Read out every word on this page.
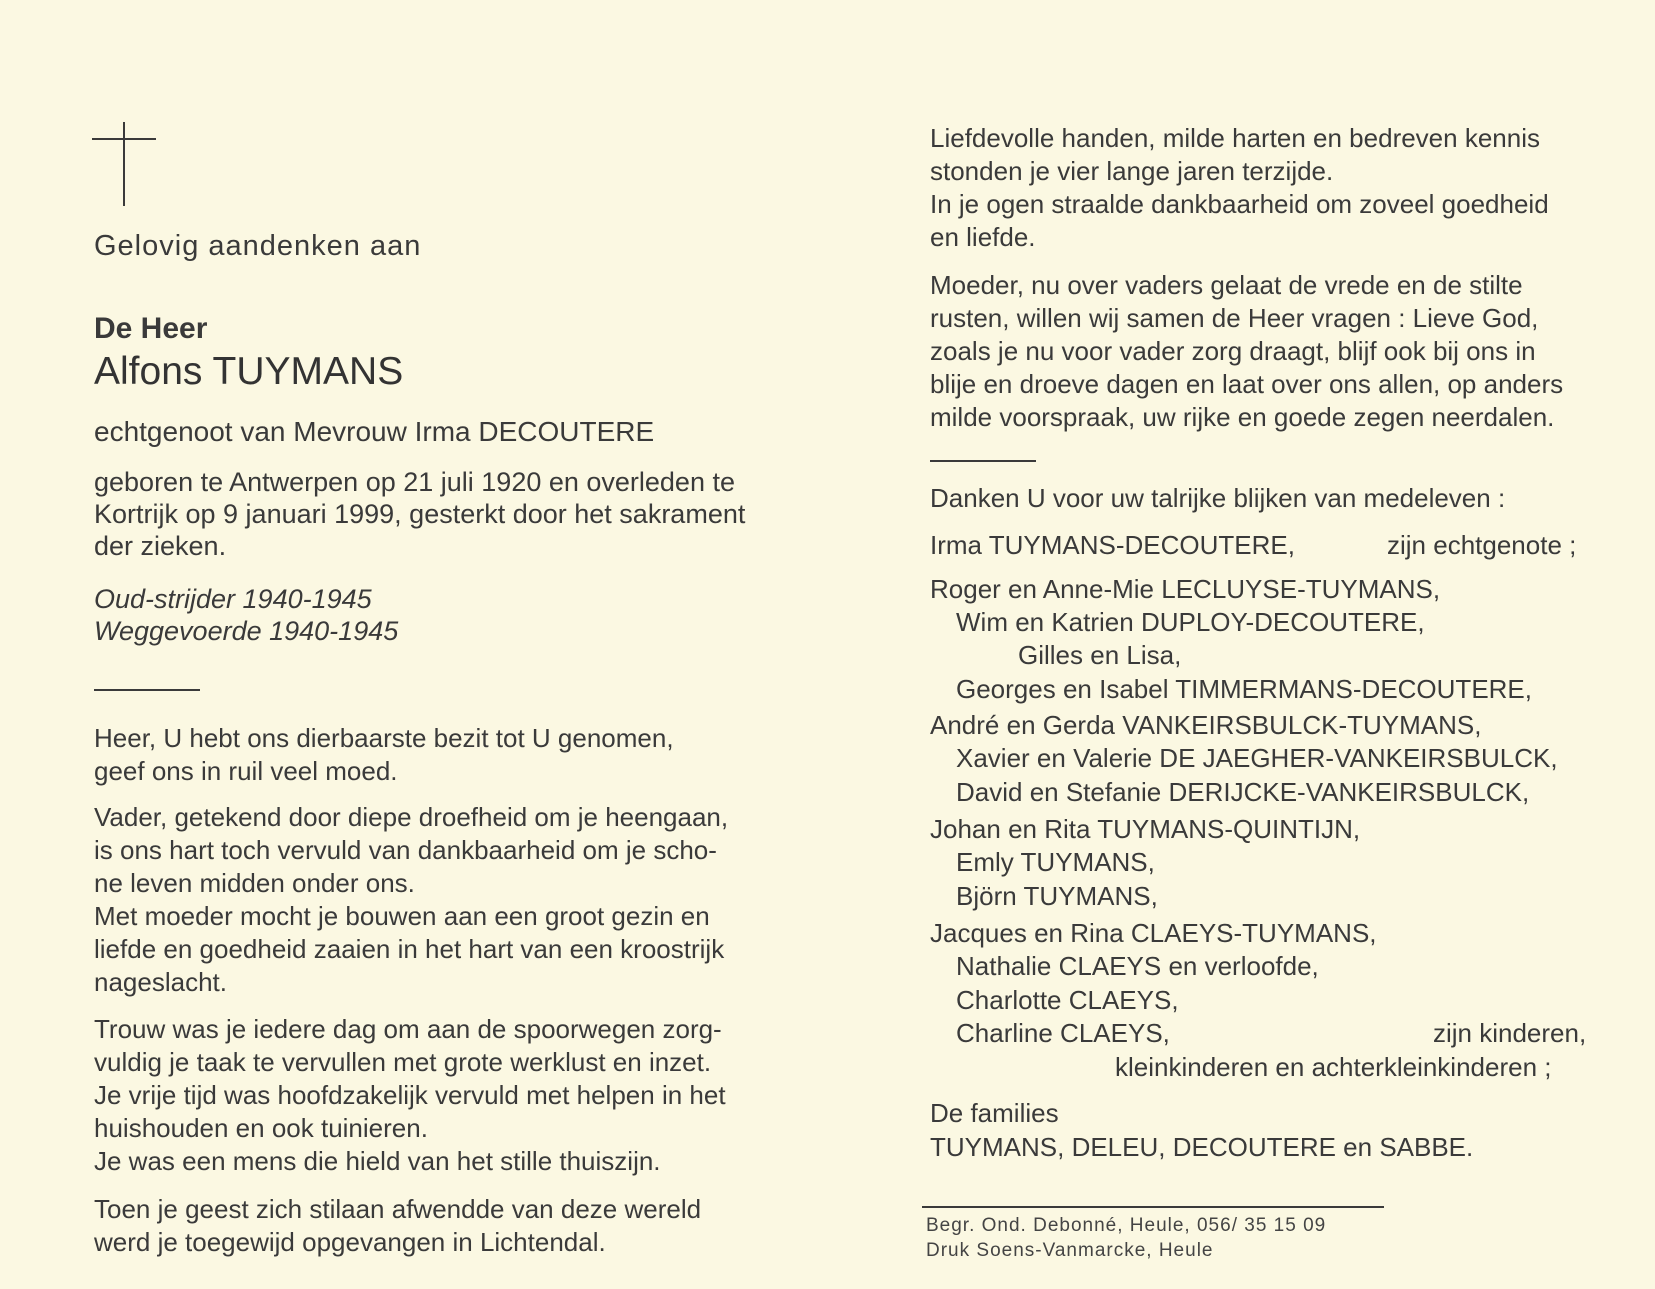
Gelovig aandenken aan
De Heer
Alfons TUYMANS
echtgenoot van Mevrouw Irma DECOUTERE
geboren te Antwerpen op 21 juli 1920 en overleden te
Kortrijk op 9 januari 1999, gesterkt door het sakrament
der zieken.
Oud-strijder 1940-1945
Weggevoerde 1940-1945
Heer, U hebt ons dierbaarste bezit tot U genomen,
geef ons in ruil veel moed.
Vader, getekend door diepe droefheid om je heengaan,
is ons hart toch vervuld van dankbaarheid om je scho-
ne leven midden onder ons.
Met moeder mocht je bouwen aan een groot gezin en
liefde en goedheid zaaien in het hart van een kroostrijk
nageslacht.
Trouw was je iedere dag om aan de spoorwegen zorg-
vuldig je taak te vervullen met grote werklust en inzet.
Je vrije tijd was hoofdzakelijk vervuld met helpen in het
huishouden en ook tuinieren.
Je was een mens die hield van het stille thuiszijn.
Toen je geest zich stilaan afwendde van deze wereld
werd je toegewijd opgevangen in Lichtendal.
Liefdevolle handen, milde harten en bedreven kennis
stonden je vier lange jaren terzijde.
In je ogen straalde dankbaarheid om zoveel goedheid
en liefde.
Moeder, nu over vaders gelaat de vrede en de stilte
rusten, willen wij samen de Heer vragen : Lieve God,
zoals je nu voor vader zorg draagt, blijf ook bij ons in
blije en droeve dagen en laat over ons allen, op anders
milde voorspraak, uw rijke en goede zegen neerdalen.
Danken U voor uw talrijke blijken van medeleven :
Irma TUYMANS-DECOUTERE,	zijn echtgenote ;
Roger en Anne-Mie LECLUYSE-TUYMANS,
Wim en Katrien DUPLOY-DECOUTERE,
Gilles en Lisa,
Georges en Isabel TIMMERMANS-DECOUTERE,
André en Gerda VANKEIRSBULCK-TUYMANS,
Xavier en Valerie DE JAEGHER-VANKEIRSBULCK,
David en Stefanie DERIJCKE-VANKEIRSBULCK,
Johan en Rita TUYMANS-QUINTIJN,
Emly TUYMANS,
Björn TUYMANS,
Jacques en Rina CLAEYS-TUYMANS,
Nathalie CLAEYS en verloofde,
Charlotte CLAEYS,
Charline CLAEYS,	zijn kinderen,
kleinkinderen en achterkleinkinderen ;
De families
TUYMANS, DELEU, DECOUTERE en SABBE.
Begr. Ond. Debonné, Heule, 056/ 35 15 09
Druk Soens-Vanmarcke, Heule
